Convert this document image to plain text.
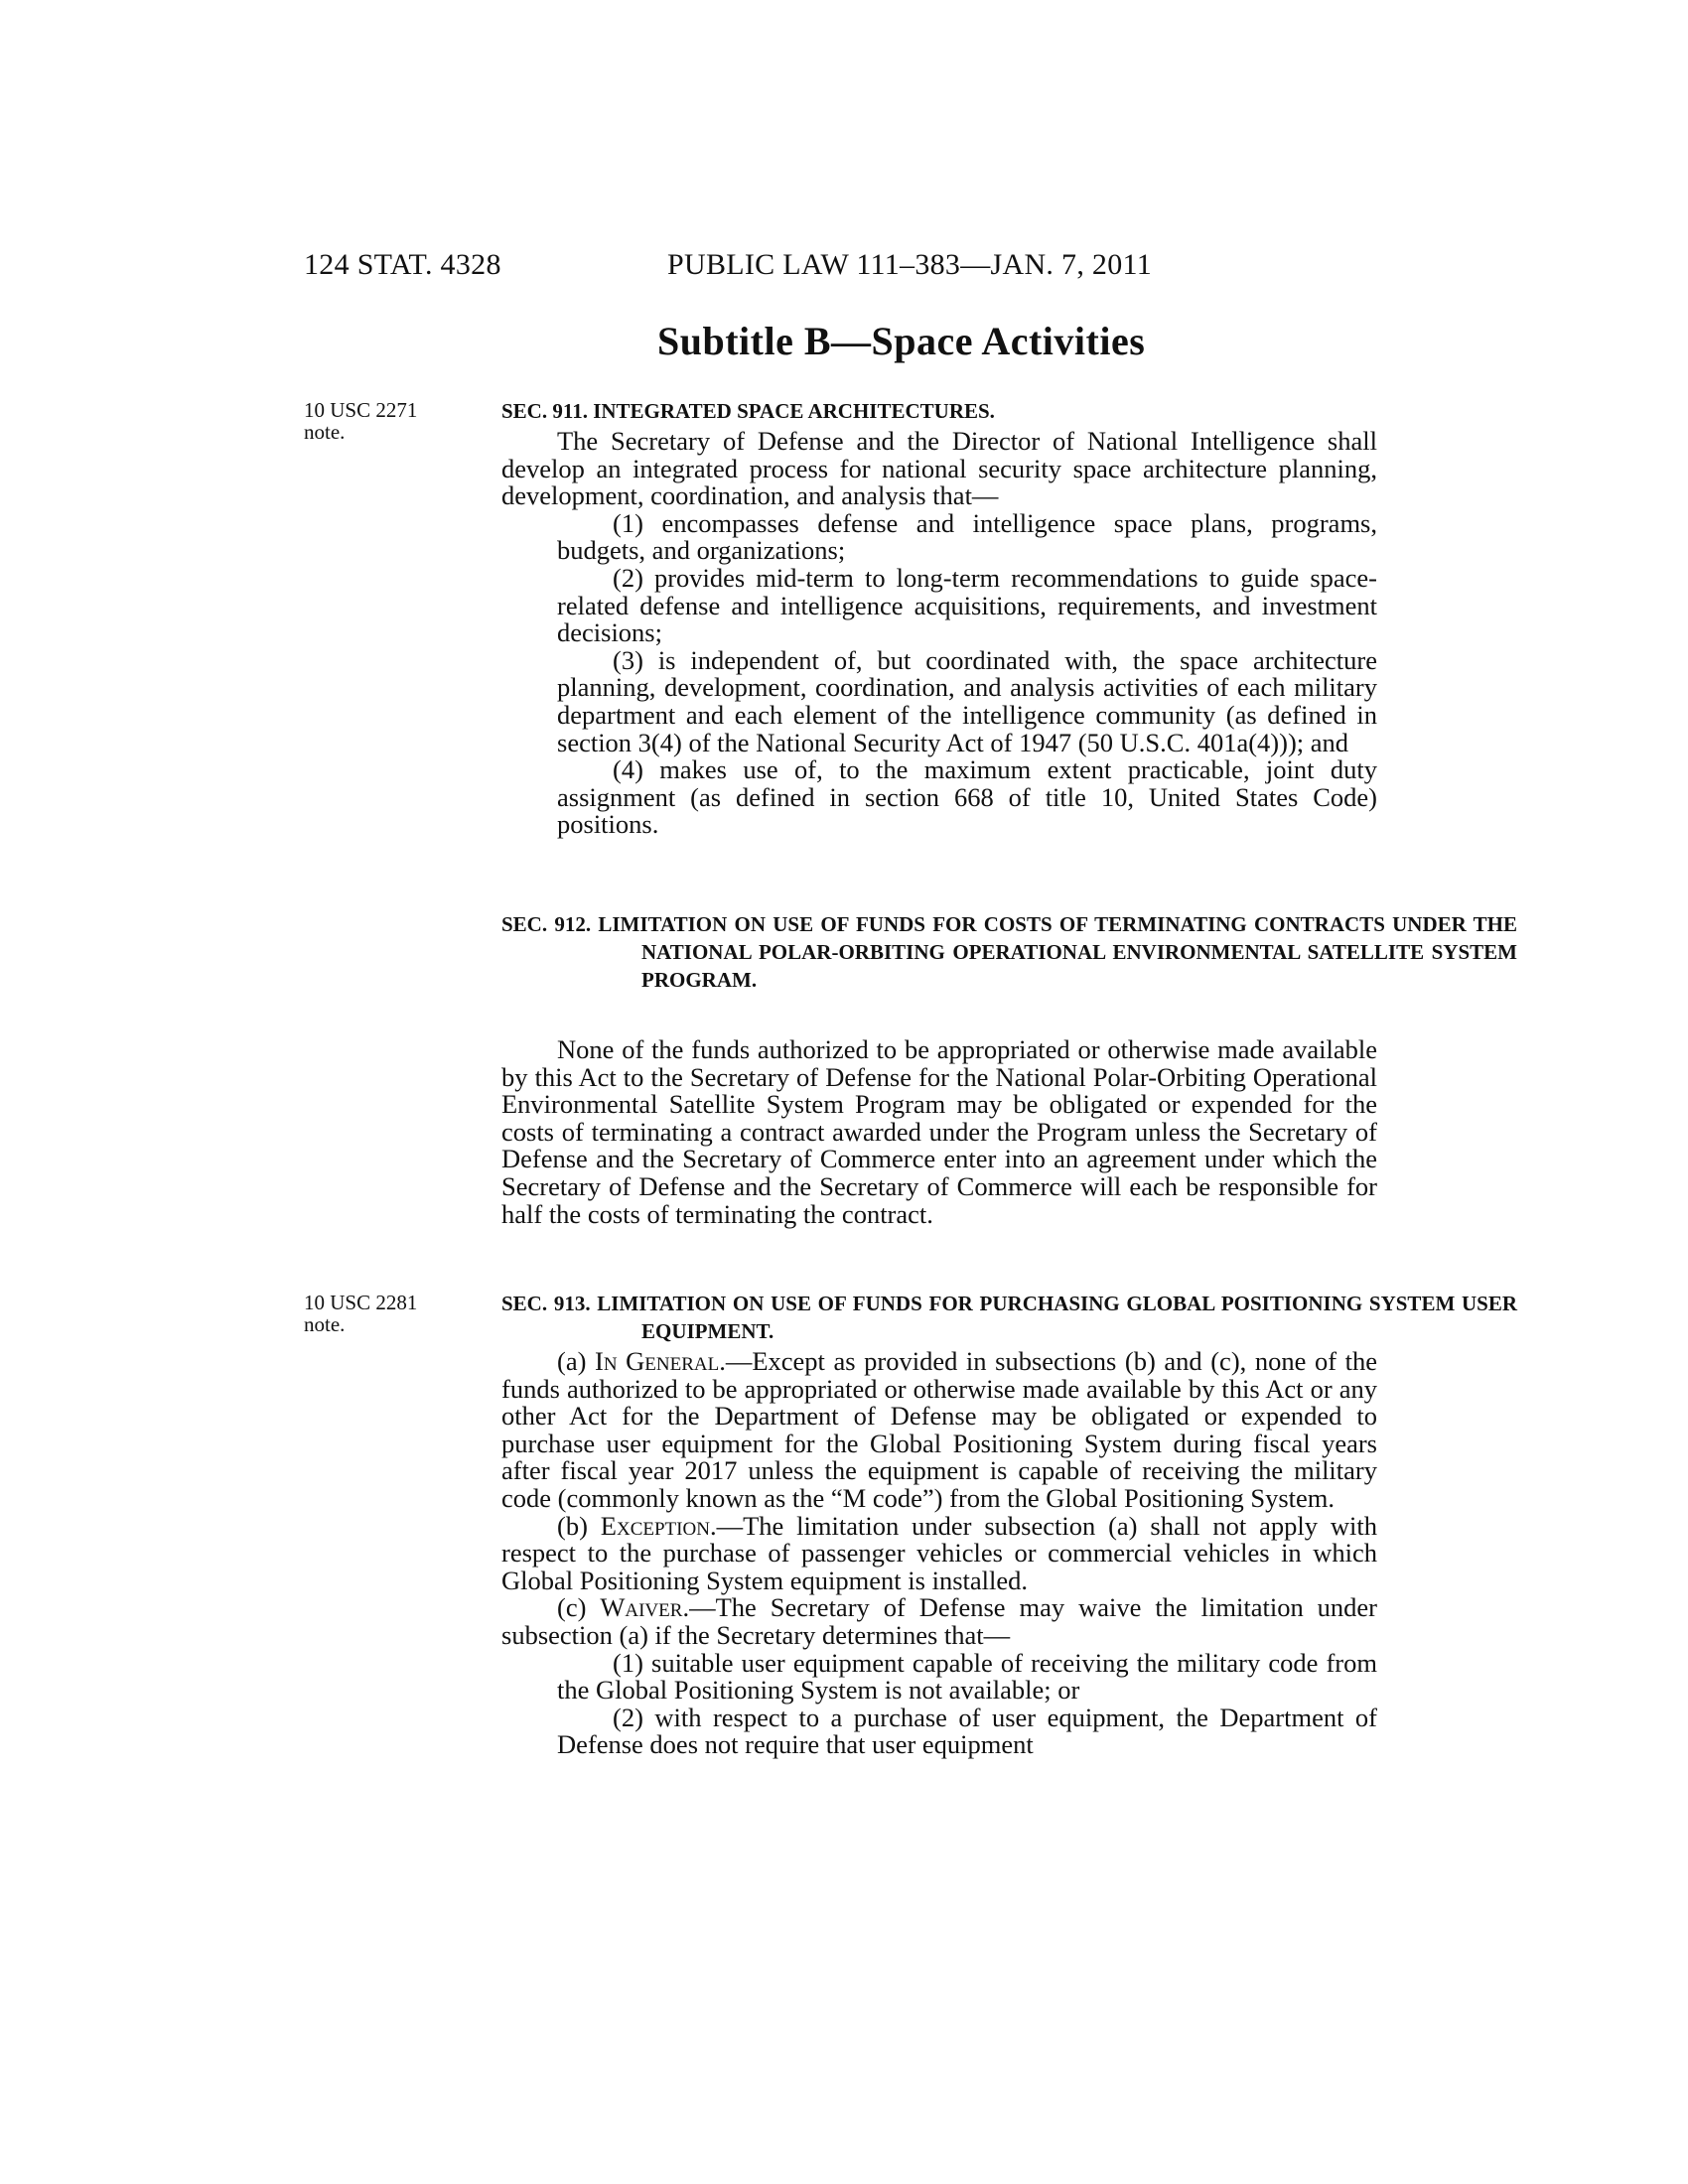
124 STAT. 4328	PUBLIC LAW 111–383—JAN. 7, 2011
Subtitle B—Space Activities
10 USC 2271 note.
SEC. 911. INTEGRATED SPACE ARCHITECTURES.

The Secretary of Defense and the Director of National Intelligence shall develop an integrated process for national security space architecture planning, development, coordination, and analysis that—

(1) encompasses defense and intelligence space plans, programs, budgets, and organizations;

(2) provides mid-term to long-term recommendations to guide space-related defense and intelligence acquisitions, requirements, and investment decisions;

(3) is independent of, but coordinated with, the space architecture planning, development, coordination, and analysis activities of each military department and each element of the intelligence community (as defined in section 3(4) of the National Security Act of 1947 (50 U.S.C. 401a(4))); and

(4) makes use of, to the maximum extent practicable, joint duty assignment (as defined in section 668 of title 10, United States Code) positions.

SEC. 912. LIMITATION ON USE OF FUNDS FOR COSTS OF TERMINATING CONTRACTS UNDER THE NATIONAL POLAR-ORBITING OPERATIONAL ENVIRONMENTAL SATELLITE SYSTEM PROGRAM.

None of the funds authorized to be appropriated or otherwise made available by this Act to the Secretary of Defense for the National Polar-Orbiting Operational Environmental Satellite System Program may be obligated or expended for the costs of terminating a contract awarded under the Program unless the Secretary of Defense and the Secretary of Commerce enter into an agreement under which the Secretary of Defense and the Secretary of Commerce will each be responsible for half the costs of terminating the contract.

10 USC 2281 note.
SEC. 913. LIMITATION ON USE OF FUNDS FOR PURCHASING GLOBAL POSITIONING SYSTEM USER EQUIPMENT.

(a) In General.—Except as provided in subsections (b) and (c), none of the funds authorized to be appropriated or otherwise made available by this Act or any other Act for the Department of Defense may be obligated or expended to purchase user equipment for the Global Positioning System during fiscal years after fiscal year 2017 unless the equipment is capable of receiving the military code (commonly known as the “M code”) from the Global Positioning System.

(b) Exception.—The limitation under subsection (a) shall not apply with respect to the purchase of passenger vehicles or commercial vehicles in which Global Positioning System equipment is installed.

(c) Waiver.—The Secretary of Defense may waive the limitation under subsection (a) if the Secretary determines that—

(1) suitable user equipment capable of receiving the military code from the Global Positioning System is not available; or

(2) with respect to a purchase of user equipment, the Department of Defense does not require that user equipment
